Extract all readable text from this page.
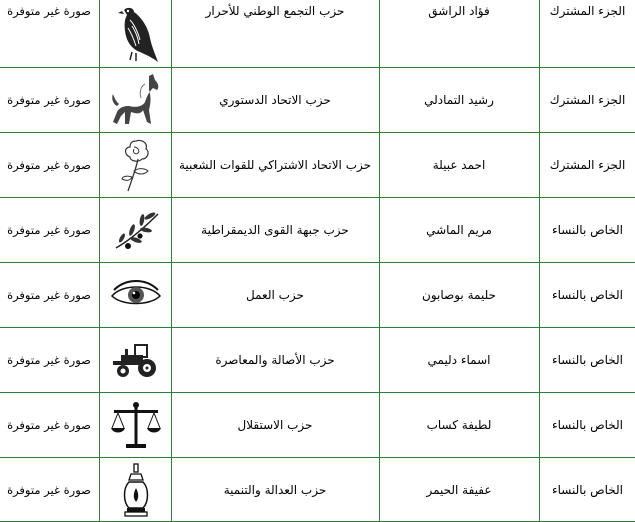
صورة غير متوفرة	حزب التجمع الوطني للأحرار	فؤاد الراشق	الجزء المشترك
صورة غير متوفرة	حزب الاتحاد الدستوري	رشيد التمادلي	الجزء المشترك
صورة غير متوفرة	حزب الاتحاد الاشتراكي للقوات الشعبية	احمد عبيلة	الجزء المشترك
صورة غير متوفرة	حزب جبهة القوى الديمقراطية	مريم الماشي	الخاص بالنساء
صورة غير متوفرة	حزب العمل	حليمة بوصابون	الخاص بالنساء
صورة غير متوفرة	حزب الأصالة والمعاصرة	اسماء دليمي	الخاص بالنساء
صورة غير متوفرة	حزب الاستقلال	لطيفة كساب	الخاص بالنساء
صورة غير متوفرة	حزب العدالة والتنمية	عفيفة الحيمر	الخاص بالنساء
